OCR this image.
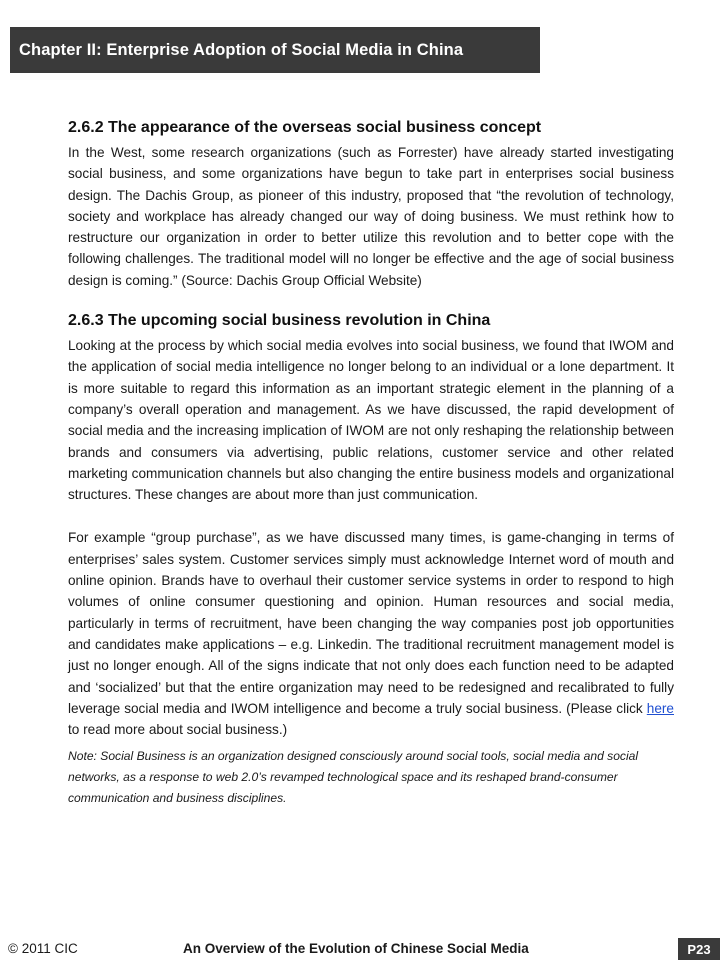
Chapter II: Enterprise Adoption of Social Media in China
2.6.2 The appearance of the overseas social business concept

In the West, some research organizations (such as Forrester) have already started investigating social business, and some organizations have begun to take part in enterprises social business design. The Dachis Group, as pioneer of this industry, proposed that “the revolution of technology, society and workplace has already changed our way of doing business. We must rethink how to restructure our organization in order to better utilize this revolution and to better cope with the following challenges. The traditional model will no longer be effective and the age of social business design is coming.” (Source: Dachis Group Official Website)

2.6.3 The upcoming social business revolution in China

Looking at the process by which social media evolves into social business, we found that IWOM and the application of social media intelligence no longer belong to an individual or a lone department. It is more suitable to regard this information as an important strategic element in the planning of a company’s overall operation and management. As we have discussed, the rapid development of social media and the increasing implication of IWOM are not only reshaping the relationship between brands and consumers via advertising, public relations, customer service and other related marketing communication channels but also changing the entire business models and organizational structures. These changes are about more than just communication.

For example “group purchase”, as we have discussed many times, is game-changing in terms of enterprises’ sales system. Customer services simply must acknowledge Internet word of mouth and online opinion. Brands have to overhaul their customer service systems in order to respond to high volumes of online consumer questioning and opinion. Human resources and social media, particularly in terms of recruitment, have been changing the way companies post job opportunities and candidates make applications – e.g. Linkedin. The traditional recruitment management model is just no longer enough. All of the signs indicate that not only does each function need to be adapted and ‘socialized’ but that the entire organization may need to be redesigned and recalibrated to fully leverage social media and IWOM intelligence and become a truly social business. (Please click here to read more about social business.)

Note: Social Business is an organization designed consciously around social tools, social media and social networks, as a response to web 2.0’s revamped technological space and its reshaped brand-consumer communication and business disciplines.

© 2011 CIC	An Overview of the Evolution of Chinese Social Media	P23
